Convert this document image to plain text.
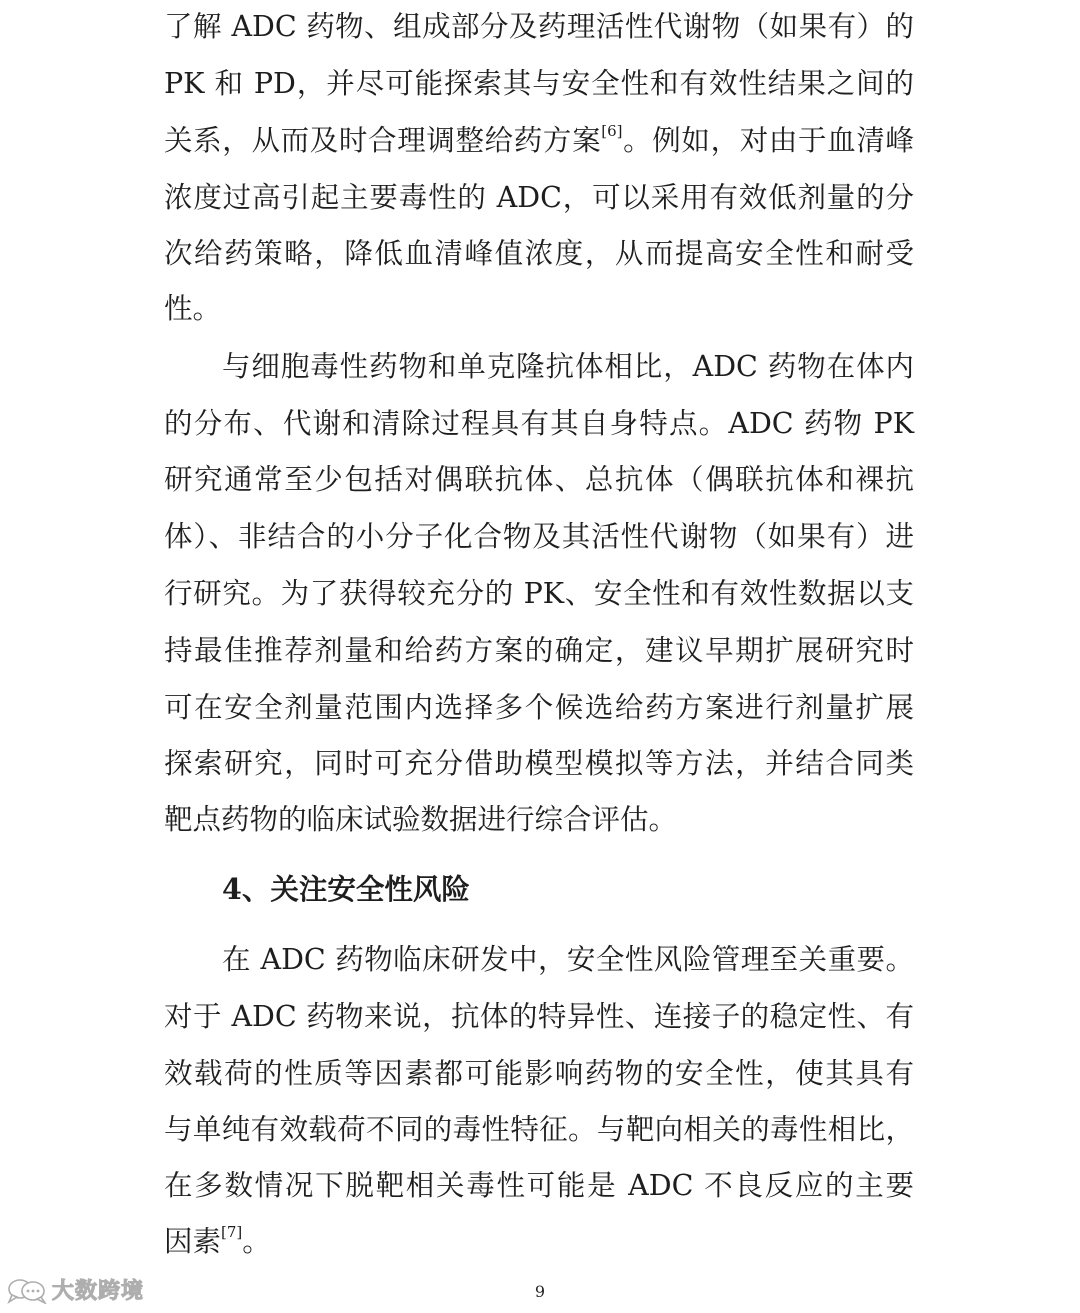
了解 ADC 药物、组成部分及药理活性代谢物（如果有）的
PK 和 PD，并尽可能探索其与安全性和有效性结果之间的
关系，从而及时合理调整给药方案[6]。例如，对由于血清峰
浓度过高引起主要毒性的 ADC，可以采用有效低剂量的分
次给药策略，降低血清峰值浓度，从而提高安全性和耐受
性。
与细胞毒性药物和单克隆抗体相比，ADC 药物在体内
的分布、代谢和清除过程具有其自身特点。ADC 药物 PK
研究通常至少包括对偶联抗体、总抗体（偶联抗体和裸抗
体）、非结合的小分子化合物及其活性代谢物（如果有）进
行研究。为了获得较充分的 PK、安全性和有效性数据以支
持最佳推荐剂量和给药方案的确定，建议早期扩展研究时
可在安全剂量范围内选择多个候选给药方案进行剂量扩展
探索研究，同时可充分借助模型模拟等方法，并结合同类
靶点药物的临床试验数据进行综合评估。
4、关注安全性风险
在 ADC 药物临床研发中，安全性风险管理至关重要。
对于 ADC 药物来说，抗体的特异性、连接子的稳定性、有
效载荷的性质等因素都可能影响药物的安全性，使其具有
与单纯有效载荷不同的毒性特征。与靶向相关的毒性相比，
在多数情况下脱靶相关毒性可能是 ADC 不良反应的主要
因素[7]。
9
大数跨境
